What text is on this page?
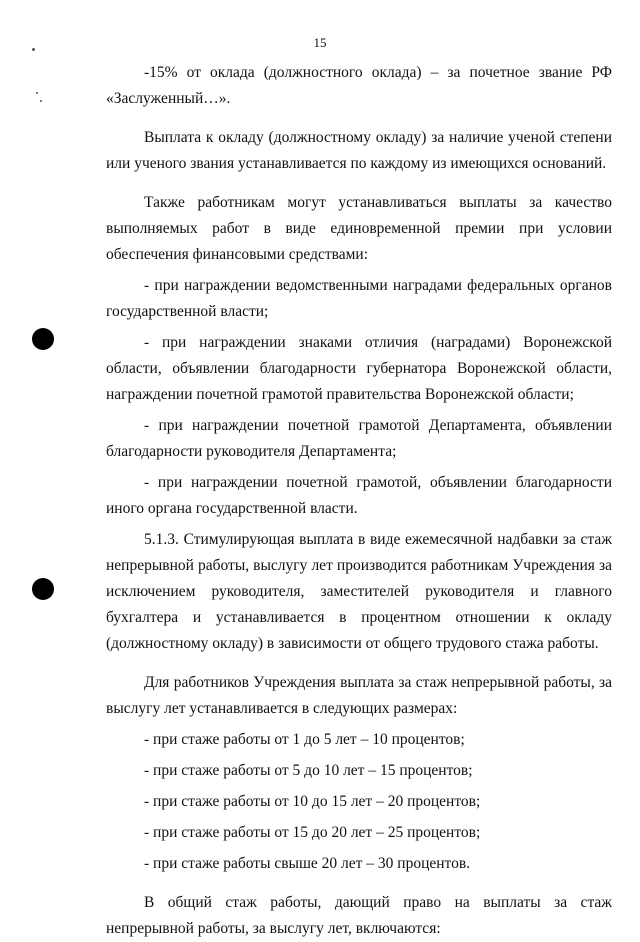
15

-15% от оклада (должностного оклада) – за почетное звание РФ «Заслуженный…».

Выплата к окладу (должностному окладу) за наличие ученой степени или ученого звания устанавливается по каждому из имеющихся оснований.

Также работникам могут устанавливаться выплаты за качество выполняемых работ в виде единовременной премии при условии обеспечения финансовыми средствами:

- при награждении ведомственными наградами федеральных органов государственной власти;

- при награждении знаками отличия (наградами) Воронежской области, объявлении благодарности губернатора Воронежской области, награждении почетной грамотой правительства Воронежской области;

- при награждении почетной грамотой Департамента, объявлении благодарности руководителя Департамента;

- при награждении почетной грамотой, объявлении благодарности иного органа государственной власти.

5.1.3. Стимулирующая выплата в виде ежемесячной надбавки за стаж непрерывной работы, выслугу лет производится работникам Учреждения за исключением руководителя, заместителей руководителя и главного бухгалтера и устанавливается в процентном отношении к окладу (должностному окладу) в зависимости от общего трудового стажа работы.

Для работников Учреждения выплата за стаж непрерывной работы, за выслугу лет устанавливается в следующих размерах:

- при стаже работы от 1 до 5 лет – 10 процентов;

- при стаже работы от 5 до 10 лет – 15 процентов;

- при стаже работы от 10 до 15 лет – 20 процентов;

- при стаже работы от 15 до 20 лет – 25 процентов;

- при стаже работы свыше 20 лет – 30 процентов.

В общий стаж работы, дающий право на выплаты за стаж непрерывной работы, за выслугу лет, включаются:
